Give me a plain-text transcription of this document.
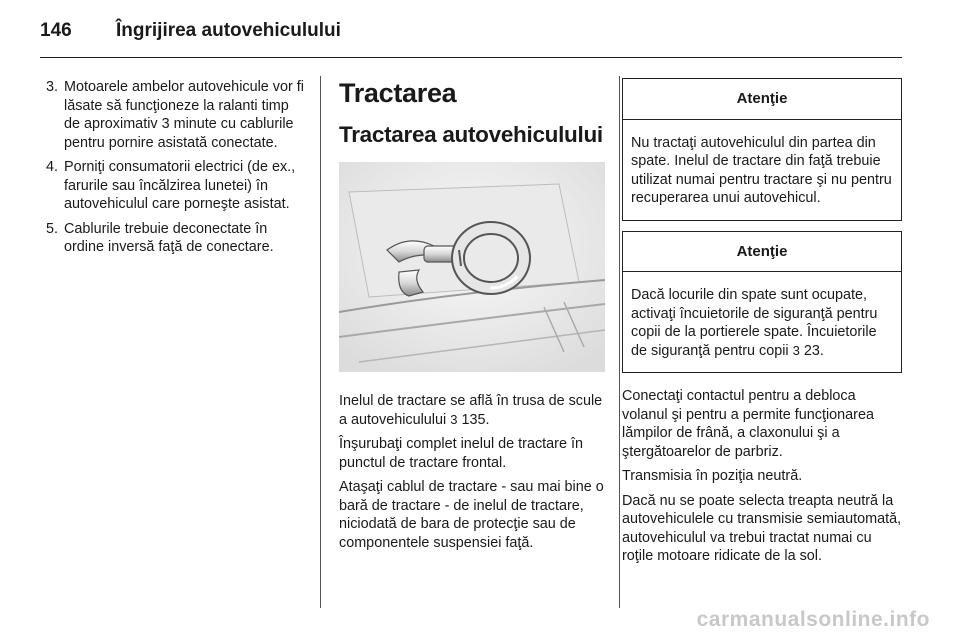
146 Îngrijirea autovehiculului
3. Motoarele ambelor autovehicule vor fi lăsate să funcţioneze la ralanti timp de aproximativ 3 minute cu cablurile pentru pornire asistată conectate.
4. Porniţi consumatorii electrici (de ex., farurile sau încălzirea lunetei) în autovehiculul care porneşte asistat.
5. Cablurile trebuie deconectate în ordine inversă faţă de conectare.
Tractarea
Tractarea autovehiculului

Inelul de tractare se află în trusa de scule a autovehiculului 3 135.

Înşurubaţi complet inelul de tractare în punctul de tractare frontal.

Ataşaţi cablul de tractare - sau mai bine o bară de tractare - de inelul de tractare, niciodată de bara de protecţie sau de componentele suspensiei faţă.

Atenţie
Nu tractaţi autovehiculul din partea din spate. Inelul de tractare din faţă trebuie utilizat numai pentru tractare şi nu pentru recuperarea unui autovehicul.
Atenţie
Dacă locurile din spate sunt ocupate, activaţi încuietorile de siguranţă pentru copii de la portierele spate. Încuietorile de siguranţă pentru copii 3 23.

Conectaţi contactul pentru a debloca volanul şi pentru a permite funcţionarea lămpilor de frână, a claxonului şi a ştergătoarelor de parbriz.

Transmisia în poziţia neutră.

Dacă nu se poate selecta treapta neutră la autovehiculele cu transmisie semiautomată, autovehiculul va trebui tractat numai cu roţile motoare ridicate de la sol.

carmanualsonline.info
